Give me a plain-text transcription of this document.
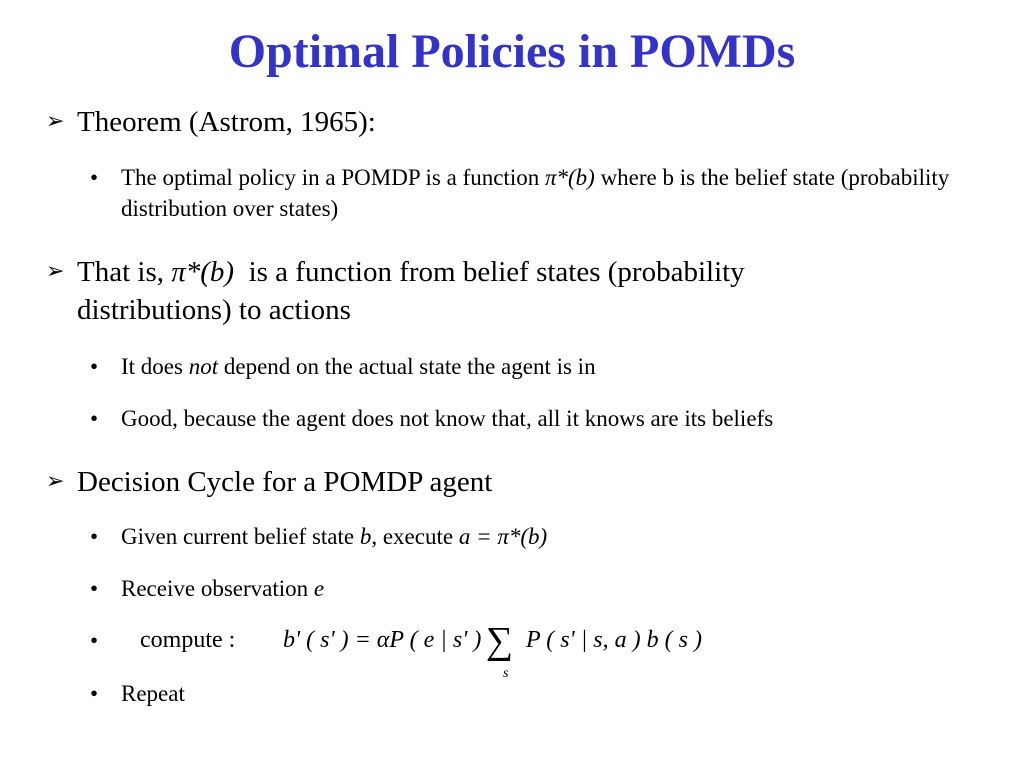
Optimal Policies in POMDs
➢ Theorem (Astrom, 1965):
• The optimal policy in a POMDP is a function π*(b) where b is the belief state (probability distribution over states)
➢ That is, π*(b)  is a function from belief states (probability distributions) to actions
• It does not depend on the actual state the agent is in
• Good, because the agent does not know that, all it knows are its beliefs
➢ Decision Cycle for a POMDP agent
• Given current belief state b, execute a = π*(b)
• Receive observation e
• compute : b' ( s' ) = αP ( e | s' ) ∑
s
P ( s' | s, a ) b ( s )
• Repeat
